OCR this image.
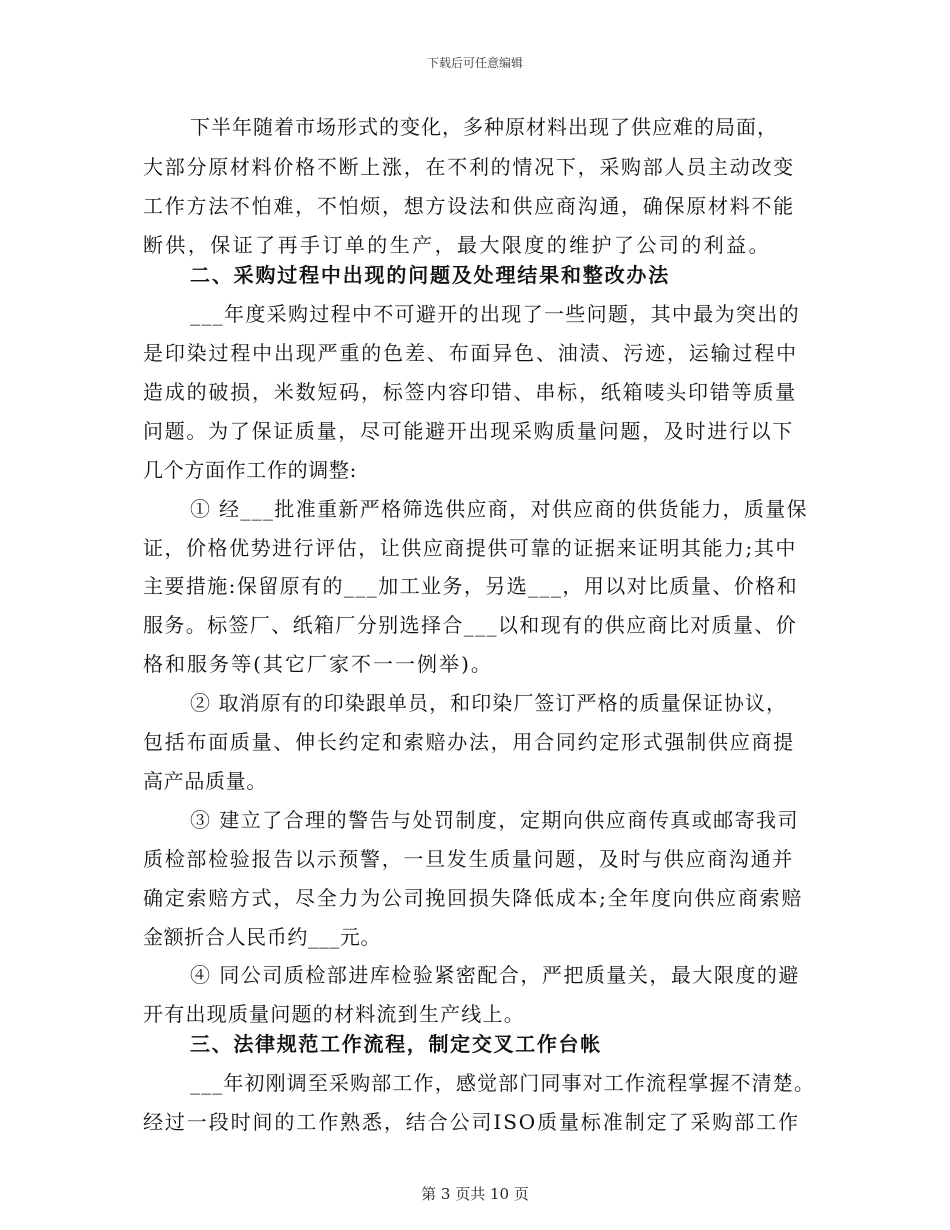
下载后可任意编辑
下半年随着市场形式的变化，多种原材料出现了供应难的局面，
大部分原材料价格不断上涨，在不利的情况下，采购部人员主动改变
工作方法不怕难，不怕烦，想方设法和供应商沟通，确保原材料不能
断供，保证了再手订单的生产，最大限度的维护了公司的利益。
二、采购过程中出现的问题及处理结果和整改办法
___年度采购过程中不可避开的出现了一些问题，其中最为突出的
是印染过程中出现严重的色差、布面异色、油渍、污迹，运输过程中
造成的破损，米数短码，标签内容印错、串标，纸箱唛头印错等质量
问题。为了保证质量，尽可能避开出现采购质量问题，及时进行以下
几个方面作工作的调整:
① 经___批准重新严格筛选供应商，对供应商的供货能力，质量保
证，价格优势进行评估，让供应商提供可靠的证据来证明其能力;其中
主要措施:保留原有的___加工业务，另选___，用以对比质量、价格和
服务。标签厂、纸箱厂分别选择合___以和现有的供应商比对质量、价
格和服务等(其它厂家不一一例举)。
② 取消原有的印染跟单员，和印染厂签订严格的质量保证协议，
包括布面质量、伸长约定和索赔办法，用合同约定形式强制供应商提
高产品质量。
③ 建立了合理的警告与处罚制度，定期向供应商传真或邮寄我司
质检部检验报告以示预警，一旦发生质量问题，及时与供应商沟通并
确定索赔方式，尽全力为公司挽回损失降低成本;全年度向供应商索赔
金额折合人民币约___元。
④ 同公司质检部进库检验紧密配合，严把质量关，最大限度的避
开有出现质量问题的材料流到生产线上。
三、法律规范工作流程，制定交叉工作台帐
___年初刚调至采购部工作，感觉部门同事对工作流程掌握不清楚。
经过一段时间的工作熟悉，结合公司ISO质量标准制定了采购部工作
第 3 页共 10 页
